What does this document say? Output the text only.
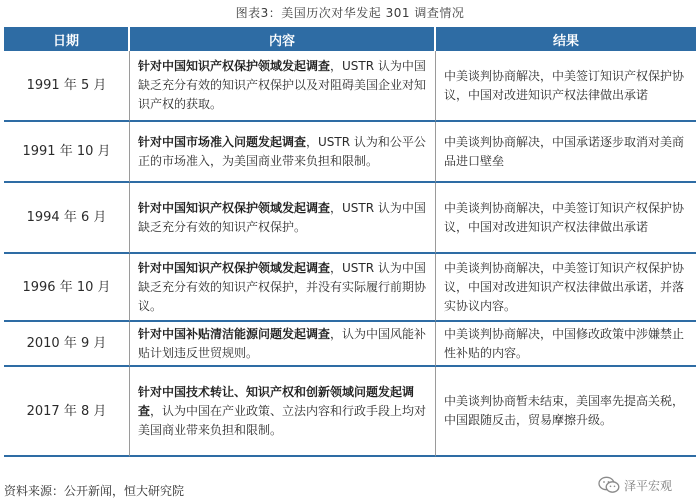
图表3：美国历次对华发起 301 调查情况
日期	内容	结果
1991 年 5 月	针对中国知识产权保护领域发起调查，USTR 认为中国缺乏充分有效的知识产权保护以及对阻碍美国企业对知识产权的获取。	中美谈判协商解决，中美签订知识产权保护协议，中国对改进知识产权法律做出承诺
1991 年 10 月	针对中国市场准入问题发起调查，USTR 认为和公平公正的市场准入，为美国商业带来负担和限制。	中美谈判协商解决，中国承诺逐步取消对美商品进口壁垒
1994 年 6 月	针对中国知识产权保护领域发起调查，USTR 认为中国缺乏充分有效的知识产权保护。	中美谈判协商解决，中美签订知识产权保护协议，中国对改进知识产权法律做出承诺
1996 年 10 月	针对中国知识产权保护领域发起调查，USTR 认为中国缺乏充分有效的知识产权保护，并没有实际履行前期协议。	中美谈判协商解决，中美签订知识产权保护协议，中国对改进知识产权法律做出承诺，并落实协议内容。
2010 年 9 月	针对中国补贴清洁能源问题发起调查，认为中国风能补贴计划违反世贸规则。	中美谈判协商解决，中国修改政策中涉嫌禁止性补贴的内容。
2017 年 8 月	针对中国技术转让、知识产权和创新领域问题发起调查，认为中国在产业政策、立法内容和行政手段上均对美国商业带来负担和限制。	中美谈判协商暂未结束，美国率先提高关税，中国跟随反击，贸易摩擦升级。
资料来源：公开新闻，恒大研究院	泽平宏观
